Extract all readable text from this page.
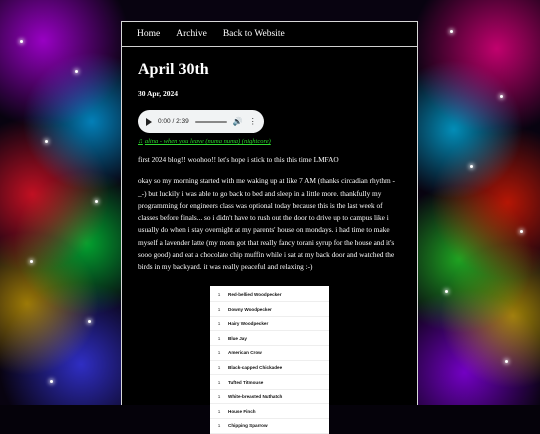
Home Archive Back to Website
April 30th
30 Apr, 2024
0:00 / 2:39	🔊 ⋮
♫ alina - when you leave (numa numa) (nightcore)

first 2024 blog!! woohoo!! let's hope i stick to this this time LMFAO

okay so my morning started with me waking up at like 7 AM (thanks circadian rhythm -_-) but luckily i was able to go back to bed and sleep in a little more. thankfully my programming for engineers class was optional today because this is the last week of classes before finals... so i didn't have to rush out the door to drive up to campus like i usually do when i stay overnight at my parents' house on mondays. i had time to make myself a lavender latte (my mom got that really fancy torani syrup for the house and it's sooo good) and eat a chocolate chip muffin while i sat at my back door and watched the birds in my backyard. it was really peaceful and relaxing :-)

1	Red-bellied Woodpecker
1	Downy Woodpecker
1	Hairy Woodpecker
1	Blue Jay
1	American Crow
1	Black-capped Chickadee
1	Tufted Titmouse
1	White-breasted Nuthatch
1	House Finch
1	Chipping Sparrow
